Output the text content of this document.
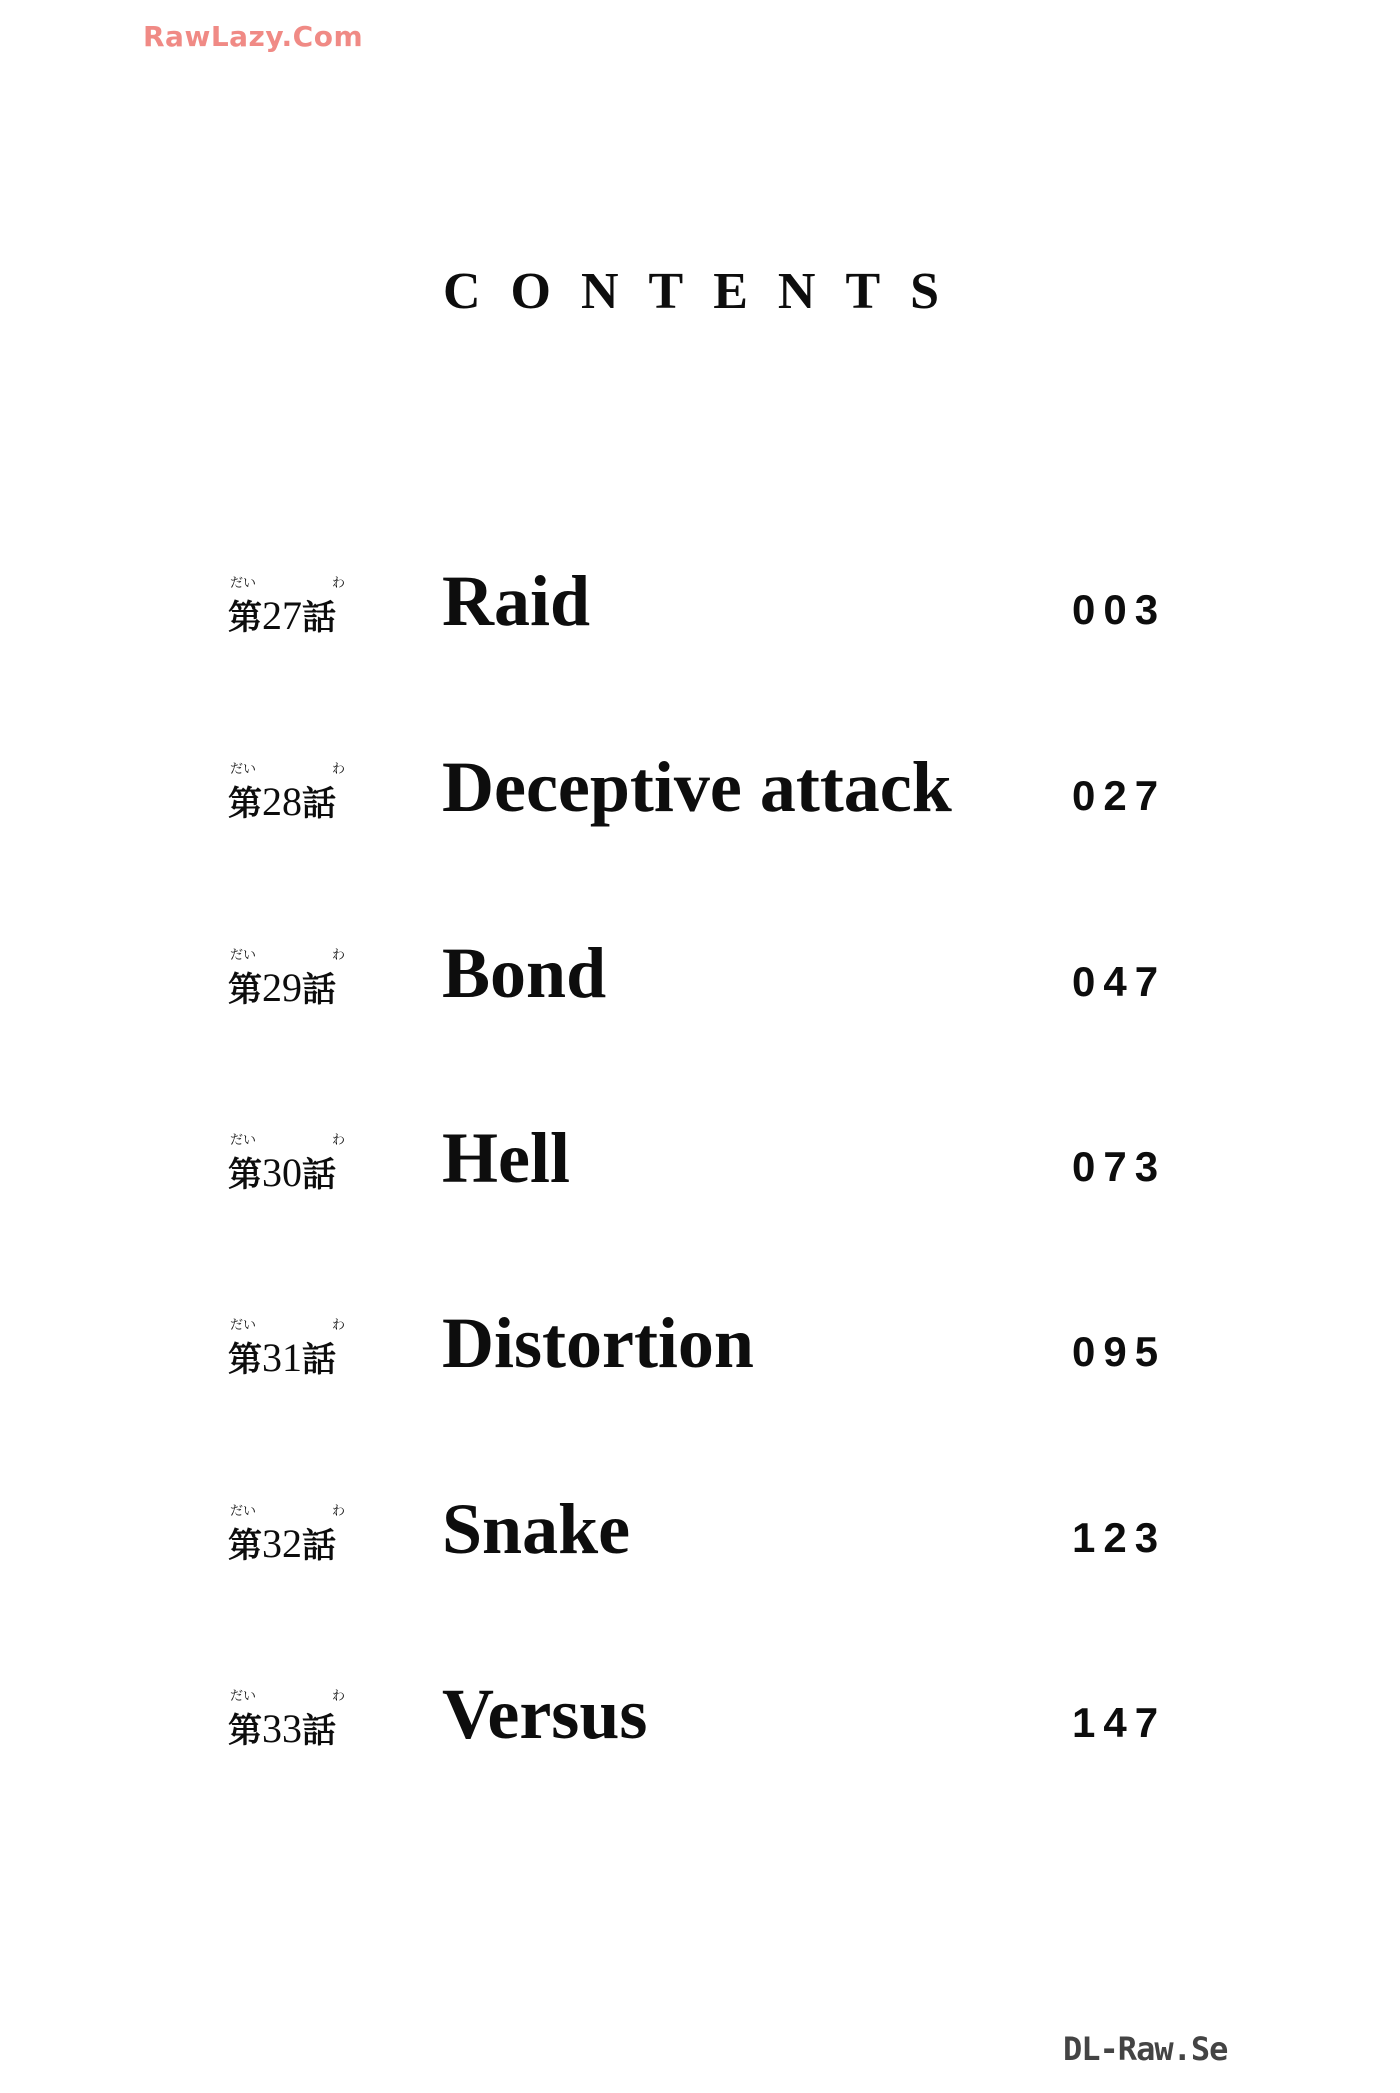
RawLazy.Com
CONTENTS
だい	わ
第27話 Raid	003
だい	わ
第28話 Deceptive attack	027
だい	わ
第29話 Bond	047
だい	わ
第30話 Hell	073
だい	わ
第31話 Distortion	095
だい	わ
第32話 Snake	123
だい	わ
第33話 Versus	147
DL-Raw.Se
